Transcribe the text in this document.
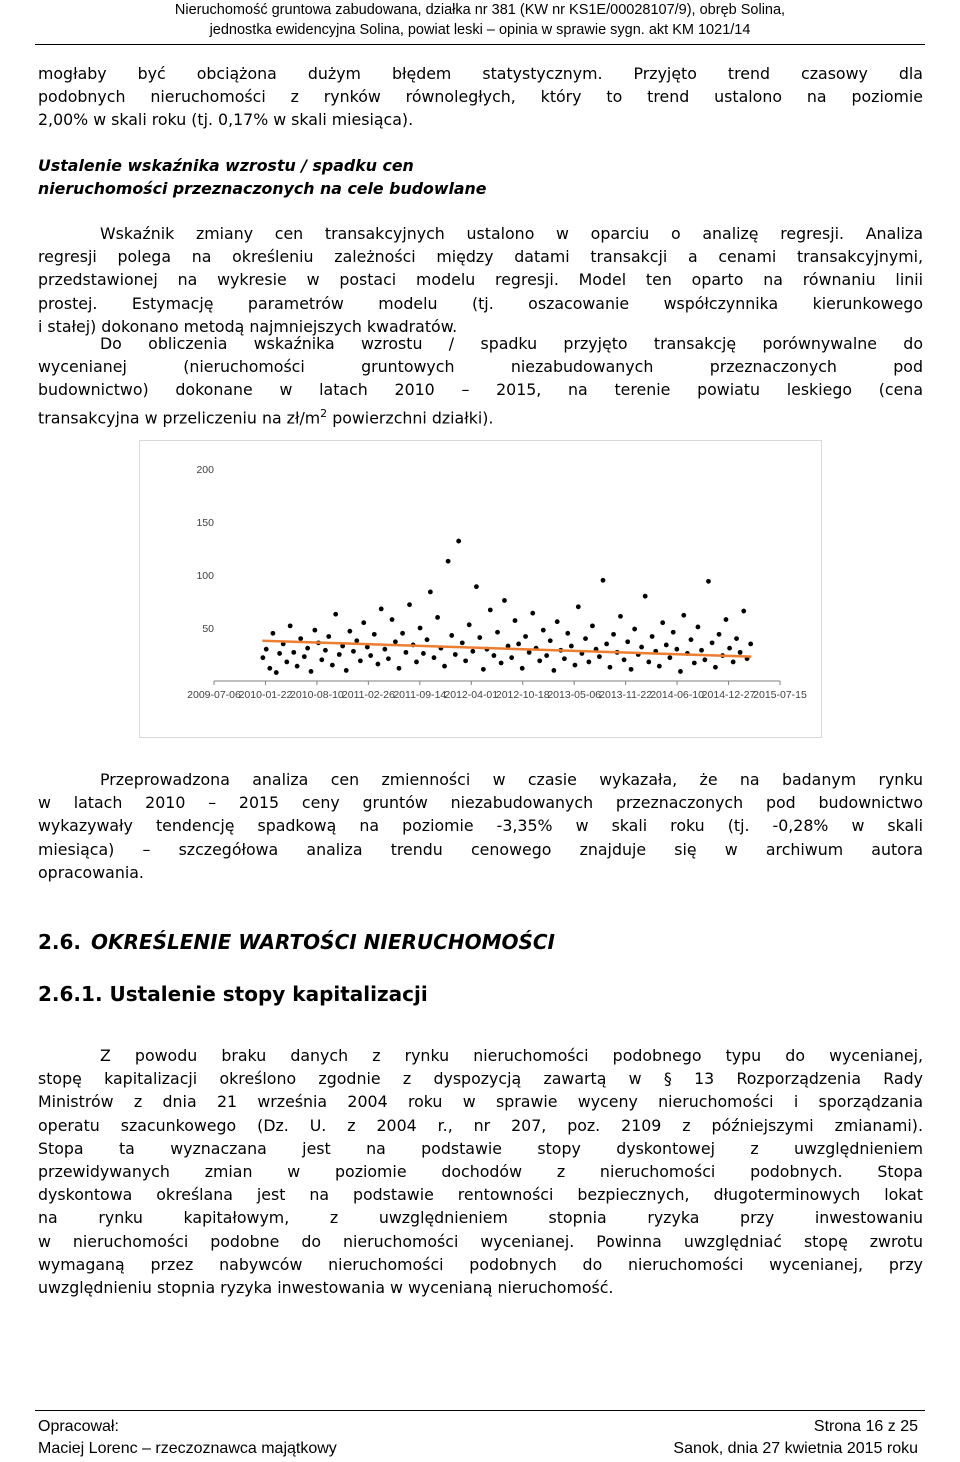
Nieruchomość gruntowa zabudowana, działka nr 381 (KW nr KS1E/00028107/9), obręb Solina,
jednostka ewidencyjna Solina, powiat leski – opinia w sprawie sygn. akt KM 1021/14
mogłaby być obciążona dużym błędem statystycznym. Przyjęto trend czasowy dla
podobnych nieruchomości z rynków równoległych, który to trend ustalono na poziomie
2,00% w skali roku (tj. 0,17% w skali miesiąca).
Ustalenie wskaźnika wzrostu / spadku cen
nieruchomości przeznaczonych na cele budowlane
Wskaźnik zmiany cen transakcyjnych ustalono w oparciu o analizę regresji. Analiza
regresji polega na określeniu zależności między datami transakcji a cenami transakcyjnymi,
przedstawionej na wykresie w postaci modelu regresji. Model ten oparto na równaniu linii
prostej. Estymację parametrów modelu (tj. oszacowanie współczynnika kierunkowego
i stałej) dokonano metodą najmniejszych kwadratów.
Do obliczenia wskaźnika wzrostu / spadku przyjęto transakcję porównywalne do
wycenianej (nieruchomości gruntowych niezabudowanych przeznaczonych pod
budownictwo) dokonane w latach 2010 – 2015, na terenie powiatu leskiego (cena
transakcyjna w przeliczeniu na $zł/m^2$ powierzchni działki).
50
100
150
200
2009-07-06
2010-01-22
2010-08-10
2011-02-26
2011-09-14
2012-04-01
2012-10-18
2013-05-06
2013-11-22
2014-06-10
2014-12-27
2015-07-15
Przeprowadzona analiza cen zmienności w czasie wykazała, że na badanym rynku
w latach 2010 – 2015 ceny gruntów niezabudowanych przeznaczonych pod budownictwo
wykazywały tendencję spadkową na poziomie -3,35% w skali roku (tj. -0,28% w skali
miesiąca) – szczegółowa analiza trendu cenowego znajduje się w archiwum autora
opracowania.
2.6. OKREŚLENIE WARTOŚCI NIERUCHOMOŚCI
2.6.1. Ustalenie stopy kapitalizacji
Z powodu braku danych z rynku nieruchomości podobnego typu do wycenianej,
stopę kapitalizacji określono zgodnie z dyspozycją zawartą w § 13 Rozporządzenia Rady
Ministrów z dnia 21 września 2004 roku w sprawie wyceny nieruchomości i sporządzania
operatu szacunkowego (Dz. U. z 2004 r., nr 207, poz. 2109 z późniejszymi zmianami).
Stopa ta wyznaczana jest na podstawie stopy dyskontowej z uwzględnieniem
przewidywanych zmian w poziomie dochodów z nieruchomości podobnych. Stopa
dyskontowa określana jest na podstawie rentowności bezpiecznych, długoterminowych lokat
na rynku kapitałowym, z uwzględnieniem stopnia ryzyka przy inwestowaniu
w nieruchomości podobne do nieruchomości wycenianej. Powinna uwzględniać stopę zwrotu
wymaganą przez nabywców nieruchomości podobnych do nieruchomości wycenianej, przy
uwzględnieniu stopnia ryzyka inwestowania w wycenianą nieruchomość.
Opracował:
Maciej Lorenc – rzeczoznawca majątkowy
Strona 16 z 25
Sanok, dnia 27 kwietnia 2015 roku
